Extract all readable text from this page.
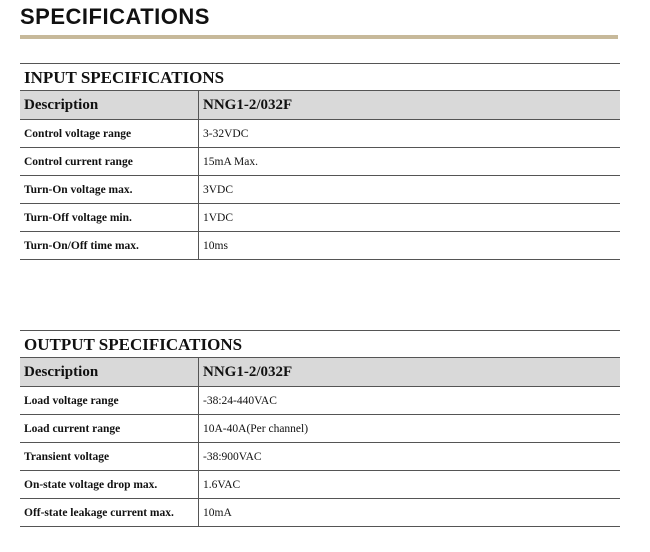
SPECIFICATIONS
INPUT SPECIFICATIONS
Description	NNG1-2/032F
Control voltage range	3-32VDC
Control current range	15mA Max.
Turn-On voltage max.	3VDC
Turn-Off voltage min.	1VDC
Turn-On/Off time max.	10ms
OUTPUT SPECIFICATIONS
Description	NNG1-2/032F
Load voltage range	-38:24-440VAC
Load current range	10A-40A(Per channel)
Transient voltage	-38:900VAC
On-state voltage drop max.	1.6VAC
Off-state leakage current max.	10mA
